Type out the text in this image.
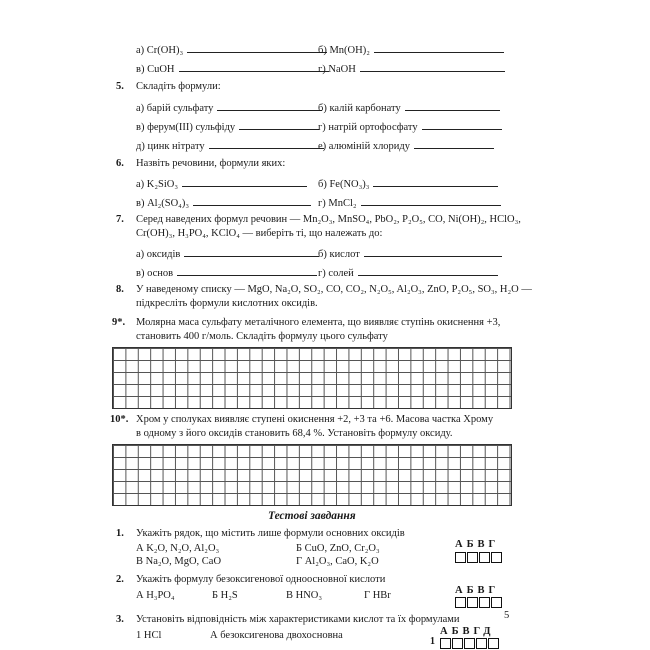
а) Cr(OH)₃	б) Mn(OH)₂
в) CuOH	г) NaOH
5. Складіть формули:
а) барій сульфату	б) калій карбонату
в) ферум(III) сульфіду	г) натрій ортофосфату
д) цинк нітрату	е) алюміній хлориду
6. Назвіть речовини, формули яких:
а) K₂SiO₃	б) Fe(NO₃)₃
в) Al₂(SO₄)₃	г) MnCl₂
7. Серед наведених формул речовин — Mn₂O₃, MnSO₄, PbO₂, P₂O₅, CO, Ni(OH)₂, HClO₃,
Cr(OH)₃, H₃PO₄, KClO₄ — виберіть ті, що належать до:
а) оксидів	б) кислот
в) основ	г) солей
8. У наведеному списку — MgO, Na₂O, SO₂, CO, CO₂, N₂O₅, Al₂O₃, ZnO, P₂O₅, SO₃, H₂O —
підкресліть формули кислотних оксидів.
9*. Молярна маса сульфату металічного елемента, що виявляє ступінь окиснення +3,
становить 400 г/моль. Складіть формулу цього сульфату
10*. Хром у сполуках виявляє ступені окиснення +2, +3 та +6. Масова частка Хрому
в одному з його оксидів становить 68,4 %. Установіть формулу оксиду.
Тестові завдання
1. Укажіть рядок, що містить лише формули основних оксидів
А K₂O, N₂O, Al₂O₃	Б CuO, ZnO, Cr₂O₃
В Na₂O, MgO, CaO	Г Al₂O₃, CaO, K₂O
АБВГ
2. Укажіть формулу безоксигенової одноосновної кислоти
А H₃PO₄	Б H₂S	В HNO₃	Г HBr	АБВГ
3. Установіть відповідність між характеристиками кислот та їх формулами
АБВГД
1 HCl	А безоксигенова двохосновна
1
5
